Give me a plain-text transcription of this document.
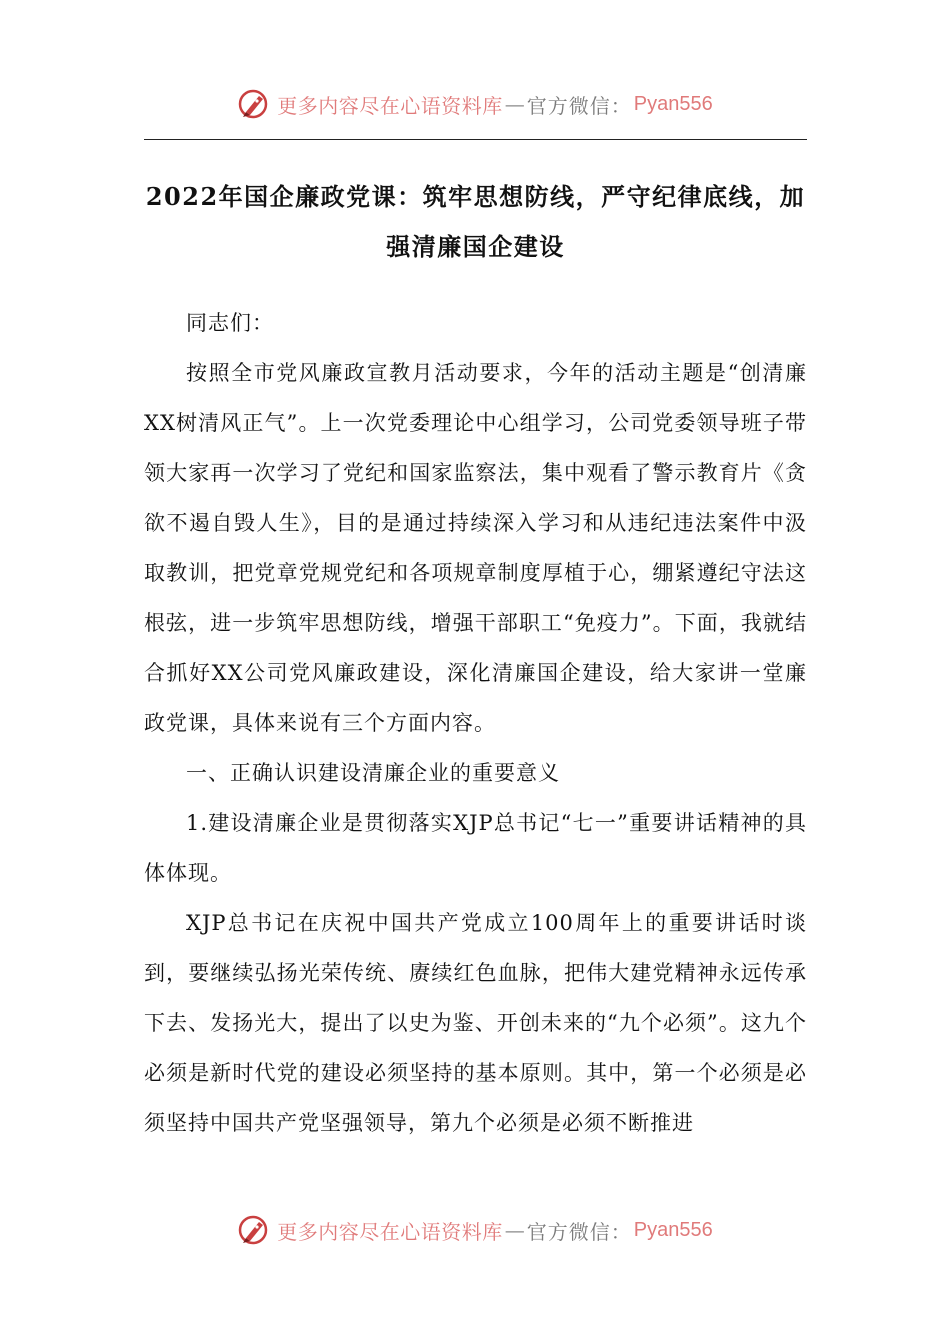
更多内容尽在心语资料库 — 官方微信： Pyan556
2022年国企廉政党课：筑牢思想防线，严守纪律底线，加强清廉国企建设

同志们：

按照全市党风廉政宣教月活动要求，今年的活动主题是“创清廉XX树清风正气”。上一次党委理论中心组学习，公司党委领导班子带领大家再一次学习了党纪和国家监察法，集中观看了警示教育片《贪欲不遏自毁人生》，目的是通过持续深入学习和从违纪违法案件中汲取教训，把党章党规党纪和各项规章制度厚植于心，绷紧遵纪守法这根弦，进一步筑牢思想防线，增强干部职工“免疫力”。下面，我就结合抓好XX公司党风廉政建设，深化清廉国企建设，给大家讲一堂廉政党课，具体来说有三个方面内容。

一、正确认识建设清廉企业的重要意义

1.建设清廉企业是贯彻落实XJP总书记“七一”重要讲话精神的具体体现。

XJP总书记在庆祝中国共产党成立100周年上的重要讲话时谈到，要继续弘扬光荣传统、赓续红色血脉，把伟大建党精神永远传承下去、发扬光大，提出了以史为鉴、开创未来的“九个必须”。这九个必须是新时代党的建设必须坚持的基本原则。其中，第一个必须是必须坚持中国共产党坚强领导，第九个必须是必须不断推进

更多内容尽在心语资料库 — 官方微信： Pyan556
